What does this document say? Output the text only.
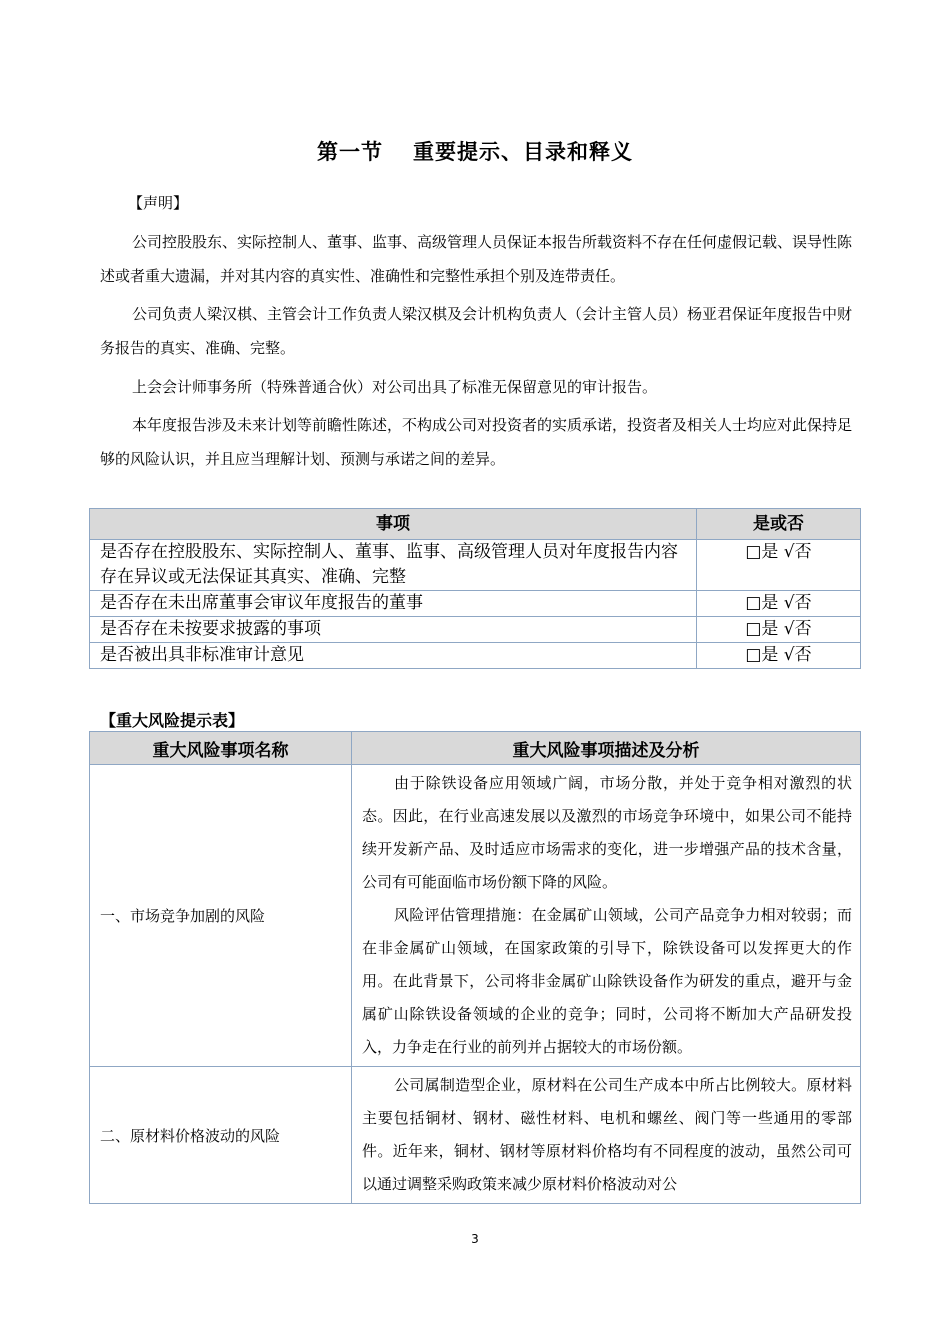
第一节 重要提示、目录和释义
【声明】
公司控股股东、实际控制人、董事、监事、高级管理人员保证本报告所载资料不存在任何虚假记载、误导性陈述或者重大遗漏，并对其内容的真实性、准确性和完整性承担个别及连带责任。
公司负责人梁汉棋、主管会计工作负责人梁汉棋及会计机构负责人（会计主管人员）杨亚君保证年度报告中财务报告的真实、准确、完整。
上会会计师事务所（特殊普通合伙）对公司出具了标准无保留意见的审计报告。
本年度报告涉及未来计划等前瞻性陈述，不构成公司对投资者的实质承诺，投资者及相关人士均应对此保持足够的风险认识，并且应当理解计划、预测与承诺之间的差异。
事项	是或否
是否存在控股股东、实际控制人、董事、监事、高级管理人员对年度报告内容存在异议或无法保证其真实、准确、完整	□是 √否
是否存在未出席董事会审议年度报告的董事	□是 √否
是否存在未按要求披露的事项	□是 √否
是否被出具非标准审计意见	□是 √否
【重大风险提示表】
重大风险事项名称	重大风险事项描述及分析
一、市场竞争加剧的风险	由于除铁设备应用领域广阔，市场分散，并处于竞争相对激烈的状态。因此，在行业高速发展以及激烈的市场竞争环境中，如果公司不能持续开发新产品、及时适应市场需求的变化，进一步增强产品的技术含量，公司有可能面临市场份额下降的风险。

风险评估管理措施：在金属矿山领域，公司产品竞争力相对较弱；而在非金属矿山领域，在国家政策的引导下，除铁设备可以发挥更大的作用。在此背景下，公司将非金属矿山除铁设备作为研发的重点，避开与金属矿山除铁设备领域的企业的竞争；同时，公司将不断加大产品研发投入，力争走在行业的前列并占据较大的市场份额。

二、原材料价格波动的风险	公司属制造型企业，原材料在公司生产成本中所占比例较大。原材料主要包括铜材、钢材、磁性材料、电机和螺丝、阀门等一些通用的零部件。近年来，铜材、钢材等原材料价格均有不同程度的波动，虽然公司可以通过调整采购政策来减少原材料价格波动对公

3
